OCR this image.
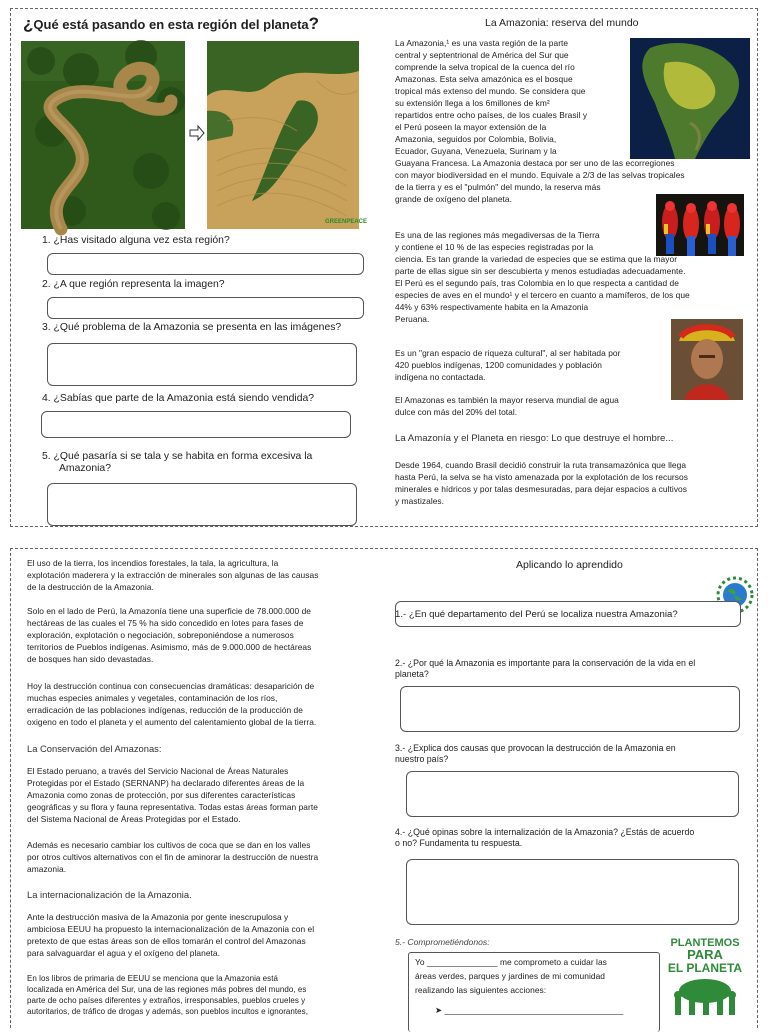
¿Qué está pasando en esta región del planeta?
GREENPEACE
1. ¿Has visitado alguna vez esta región?
2. ¿A que región representa la imagen?
3. ¿Qué problema de la Amazonia se presenta en las imágenes?
4. ¿Sabías que parte de la Amazonia está siendo vendida?
5. ¿Qué pasaría si se tala y se habita en forma excesiva la
Amazonia?
La Amazonia: reserva del mundo

La Amazonia,¹ es una vasta región de la parte

central y septentrional de América del Sur que

comprende la selva tropical de la cuenca del río

Amazonas. Esta selva amazónica es el bosque

tropical más extenso del mundo. Se considera que

su extensión llega a los 6millones de km²

repartidos entre ocho países, de los cuales Brasil y

el Perú poseen la mayor extensión de la

Amazonia, seguidos por Colombia, Bolivia,

Ecuador, Guyana, Venezuela, Surinam y la

Guayana Francesa. La Amazonia destaca por ser uno de las ecorregiones

con mayor biodiversidad en el mundo. Equivale a 2/3 de las selvas tropicales

de la tierra y es el "pulmón" del mundo, la reserva más

grande de oxígeno del planeta.

Es una de las regiones más megadiversas de la Tierra

y contiene el 10 % de las especies registradas por la

ciencia. Es tan grande la variedad de especies que se estima que la mayor

parte de ellas sigue sin ser descubierta y menos estudiadas adecuadamente.

El Perú es el segundo país, tras Colombia en lo que respecta a cantidad de

especies de aves en el mundo¹ y el tercero en cuanto a mamíferos, de los que

44% y 63% respectivamente habita en la Amazonia

Peruana.

Es un "gran espacio de riqueza cultural", al ser habitada por

420 pueblos indígenas, 1200 comunidades y población

indígena no contactada.

El Amazonas es también la mayor reserva mundial de agua

dulce con más del 20% del total.

La Amazonía y el Planeta en riesgo: Lo que destruye el hombre...

Desde 1964, cuando Brasil decidió construir la ruta transamazónica que llega

hasta Perú, la selva se ha visto amenazada por la explotación de los recursos

minerales e hídricos y por talas desmesuradas, para dejar espacios a cultivos

y mastizales.

El uso de la tierra, los incendios forestales, la tala, la agricultura, la

explotación maderera y la extracción de minerales son algunas de las causas

de la destrucción de la Amazonia.

Solo en el lado de Perú, la Amazonía tiene una superficie de 78.000.000 de

hectáreas de las cuales el 75 % ha sido concedido en lotes para fases de

exploración, explotación o negociación, sobreponiéndose a numerosos

territorios de Pueblos indígenas. Asimismo, más de 9.000.000 de hectáreas

de bosques han sido devastadas.

Hoy la destrucción continua con consecuencias dramáticas: desaparición de

muchas especies animales y vegetales, contaminación de los ríos,

erradicación de las poblaciones indígenas, reducción de la producción de

oxigeno en todo el planeta y el aumento del calentamiento global de la tierra.

La Conservación del Amazonas:

El Estado peruano, a través del Servicio Nacional de Áreas Naturales

Protegidas por el Estado (SERNANP) ha declarado diferentes áreas de la

Amazonia como zonas de protección, por sus diferentes características

geográficas y su flora y fauna representativa. Todas estas áreas forman parte

del Sistema Nacional de Áreas Protegidas por el Estado.

Además es necesario cambiar los cultivos de coca que se dan en los valles

por otros cultivos alternativos con el fin de aminorar la destrucción de nuestra

amazonia.

La internacionalización de la Amazonia.

Ante la destrucción masiva de la Amazonia por gente inescrupulosa y

ambiciosa EEUU ha propuesto la internacionalización de la Amazonia con el

pretexto de que estas áreas son de ellos tomarán el control del Amazonas

para salvaguardar el agua y el oxígeno del planeta.

En los libros de primaria de EEUU se menciona que la Amazonia está

localizada en América del Sur, una de las regiones más pobres del mundo, es

parte de ocho países diferentes y extraños, irresponsables, pueblos crueles y

autoritarios, de tráfico de drogas y además, son pueblos incultos e ignorantes,

Aplicando lo aprendido
1.- ¿En qué departamento del Perú se localiza nuestra Amazonia?
2.- ¿Por qué la Amazonia es importante para la conservación de la vida en el
planeta?
3.- ¿Explica dos causas que provocan la destrucción de la Amazonia en
nuestro país?
4.- ¿Qué opinas sobre la internalización de la Amazonia? ¿Estás de acuerdo
o no? Fundamenta tu respuesta.
5.- Comprometiéndonos:

Yo _______________ me comprometo a cuidar las

áreas verdes, parques y jardines de mi comunidad

realizando las siguientes acciones:

➤ ______________________________________

PLANTEMOS
PARA
EL PLANETA
